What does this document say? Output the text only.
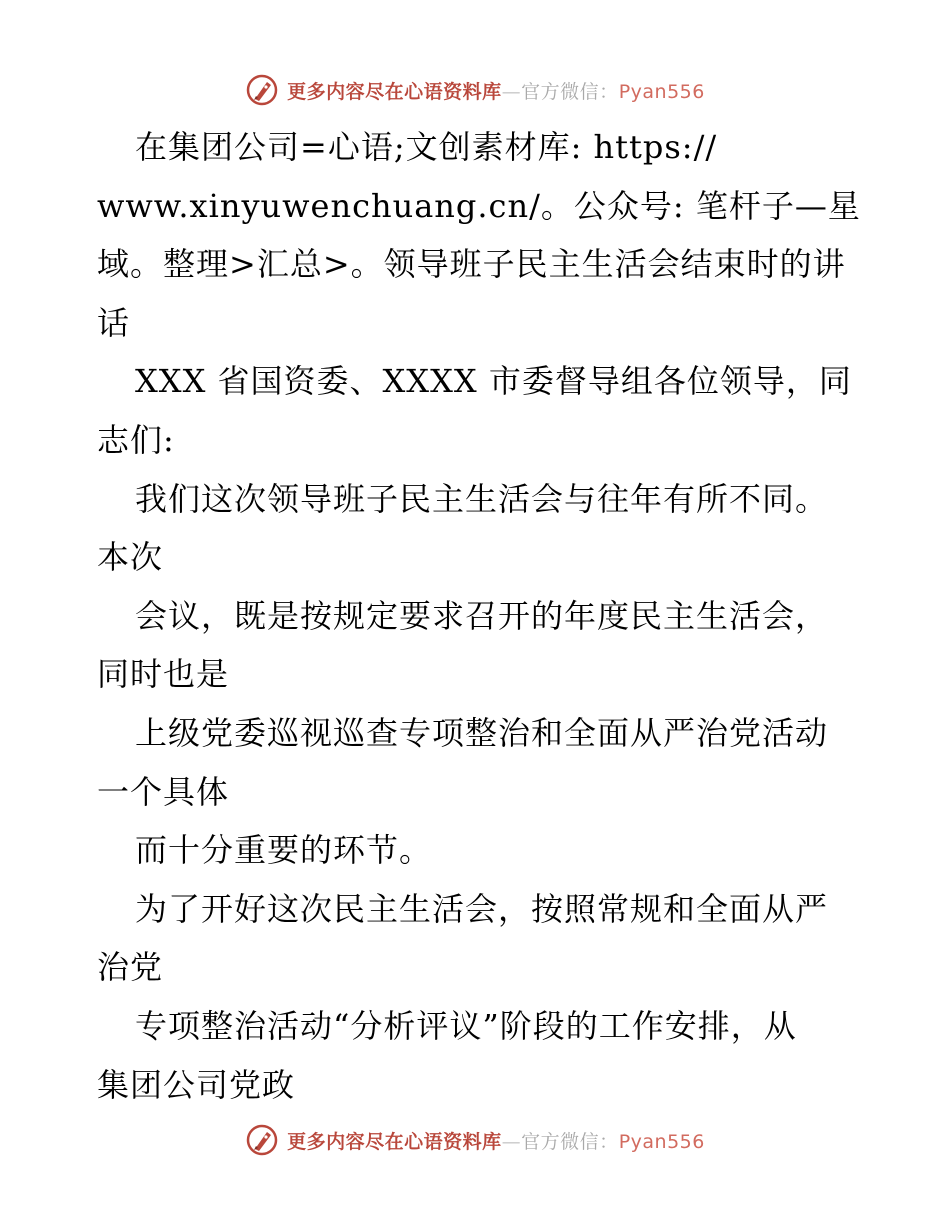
更多内容尽在心语资料库—官方微信：Pyan556
在集团公司=心语;文创素材库: https://
www.xinyuwenchuang.cn/。公众号: 笔杆子—星
域。整理>汇总>。领导班子民主生活会结束时的讲
话
XXX 省国资委、XXXX 市委督导组各位领导，同
志们:
我们这次领导班子民主生活会与往年有所不同。
本次
会议，既是按规定要求召开的年度民主生活会，
同时也是
上级党委巡视巡查专项整治和全面从严治党活动
一个具体
而十分重要的环节。
为了开好这次民主生活会，按照常规和全面从严
治党
专项整治活动“分析评议”阶段的工作安排，从
集团公司党政
更多内容尽在心语资料库—官方微信：Pyan556
